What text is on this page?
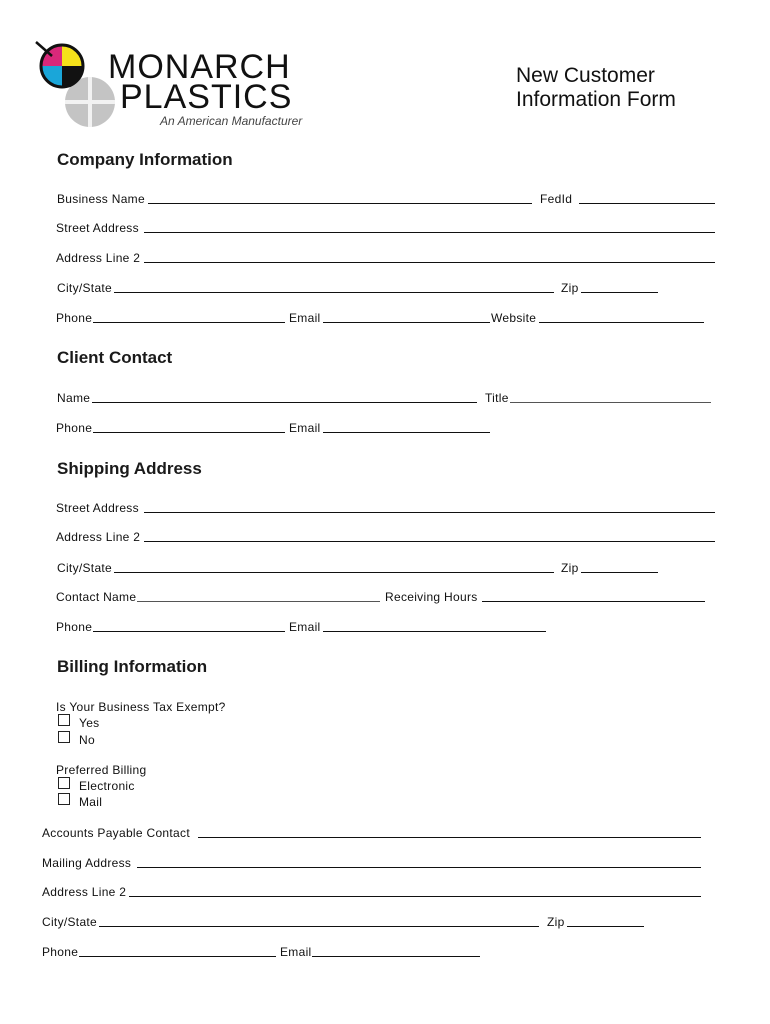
MONARCH
PLASTICS
An American Manufacturer
New Customer
Information Form
Company Information
Business Name	FedId
Street Address
Address Line 2
City/State	Zip
Phone	Email	Website
Client Contact
Name	Title
Phone	Email
Shipping Address
Street Address
Address Line 2
City/State	Zip
Contact Name	Receiving Hours
Phone	Email
Billing Information
Is Your Business Tax Exempt?
Yes
No
Preferred Billing
Electronic
Mail
Accounts Payable Contact
Mailing Address
Address Line 2
City/State	Zip
Phone	Email
